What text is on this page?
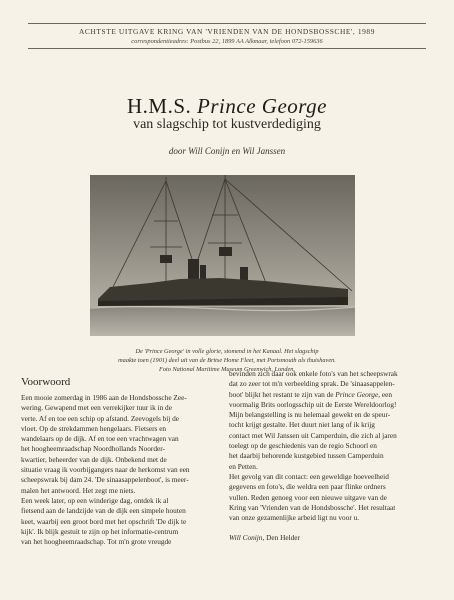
ACHTSTE UITGAVE KRING VAN 'VRIENDEN VAN DE HONDSBOSSCHE', 1989
correspondentieadres: Postbus 22, 1899 AA Alkmaar, telefoon 072-159636
H.M.S. Prince George
van slagschip tot kustverdediging
door Will Conijn en Wil Janssen
De 'Prince George' in volle glorie, stomend in het Kanaal. Het slagschip
maakte toen (1901) deel uit van de Britse Home Fleet, met Portsmouth als thuishaven.
Foto National Maritime Museum Greenwich, Londen.
Voorwoord

Een mooie zomerdag in 1986 aan de Hondsbossche Zee-

wering. Gewapend met een verrekijker tuur ik in de

verte. Af en toe een schip op afstand. Zeevogels bij de

vloet. Op de strekdammen hengelaars. Fietsers en

wandelaars op de dijk. Af en toe een vrachtwagen van

het hoogheemraadschap Noordhollands Noorder-

kwartier, beheerder van de dijk. Onbekend met de

situatie vraag ik voorbijgangers naar de herkomst van een

scheepswrak bij dam 24. 'De sinaasappelenboot', is meer-

malen het antwoord. Het zegt me niets.

Een week later, op een winderige dag, ontdek ik al

fietsend aan de landzijde van de dijk een simpele houten

keet, waarbij een groot bord met het opschrift 'De dijk te

kijk'. Ik blijk gestuit te zijn op het informatie-centrum

van het hoogheemraadschap. Tot m'n grote vreugde

bevinden zich daar ook enkele foto's van het scheepswrak

dat zo zeer tot m'n verbeelding sprak. De 'sinaasappelen-

boot' blijkt het restant te zijn van de Prince George, een

voormalig Brits oorlogsschip uit de Eerste Wereldoorlog!

Mijn belangstelling is nu helemaal gewekt en de speur-

tocht krijgt gestalte. Het duurt niet lang of ik krijg

contact met Wil Janssen uit Camperduin, die zich al jaren

toelegt op de geschiedenis van de regio Schoorl en

het daarbij behorende kustgebied tussen Camperduin

en Petten.

Het gevolg van dit contact: een geweldige hoeveelheid

gegevens en foto's, die weldra een paar flinke ordners

vullen. Reden genoeg voor een nieuwe uitgave van de

Kring van 'Vrienden van de Hondsbossche'. Het resultaat

van onze gezamenlijke arbeid ligt nu voor u.

Will Conijn, Den Helder
